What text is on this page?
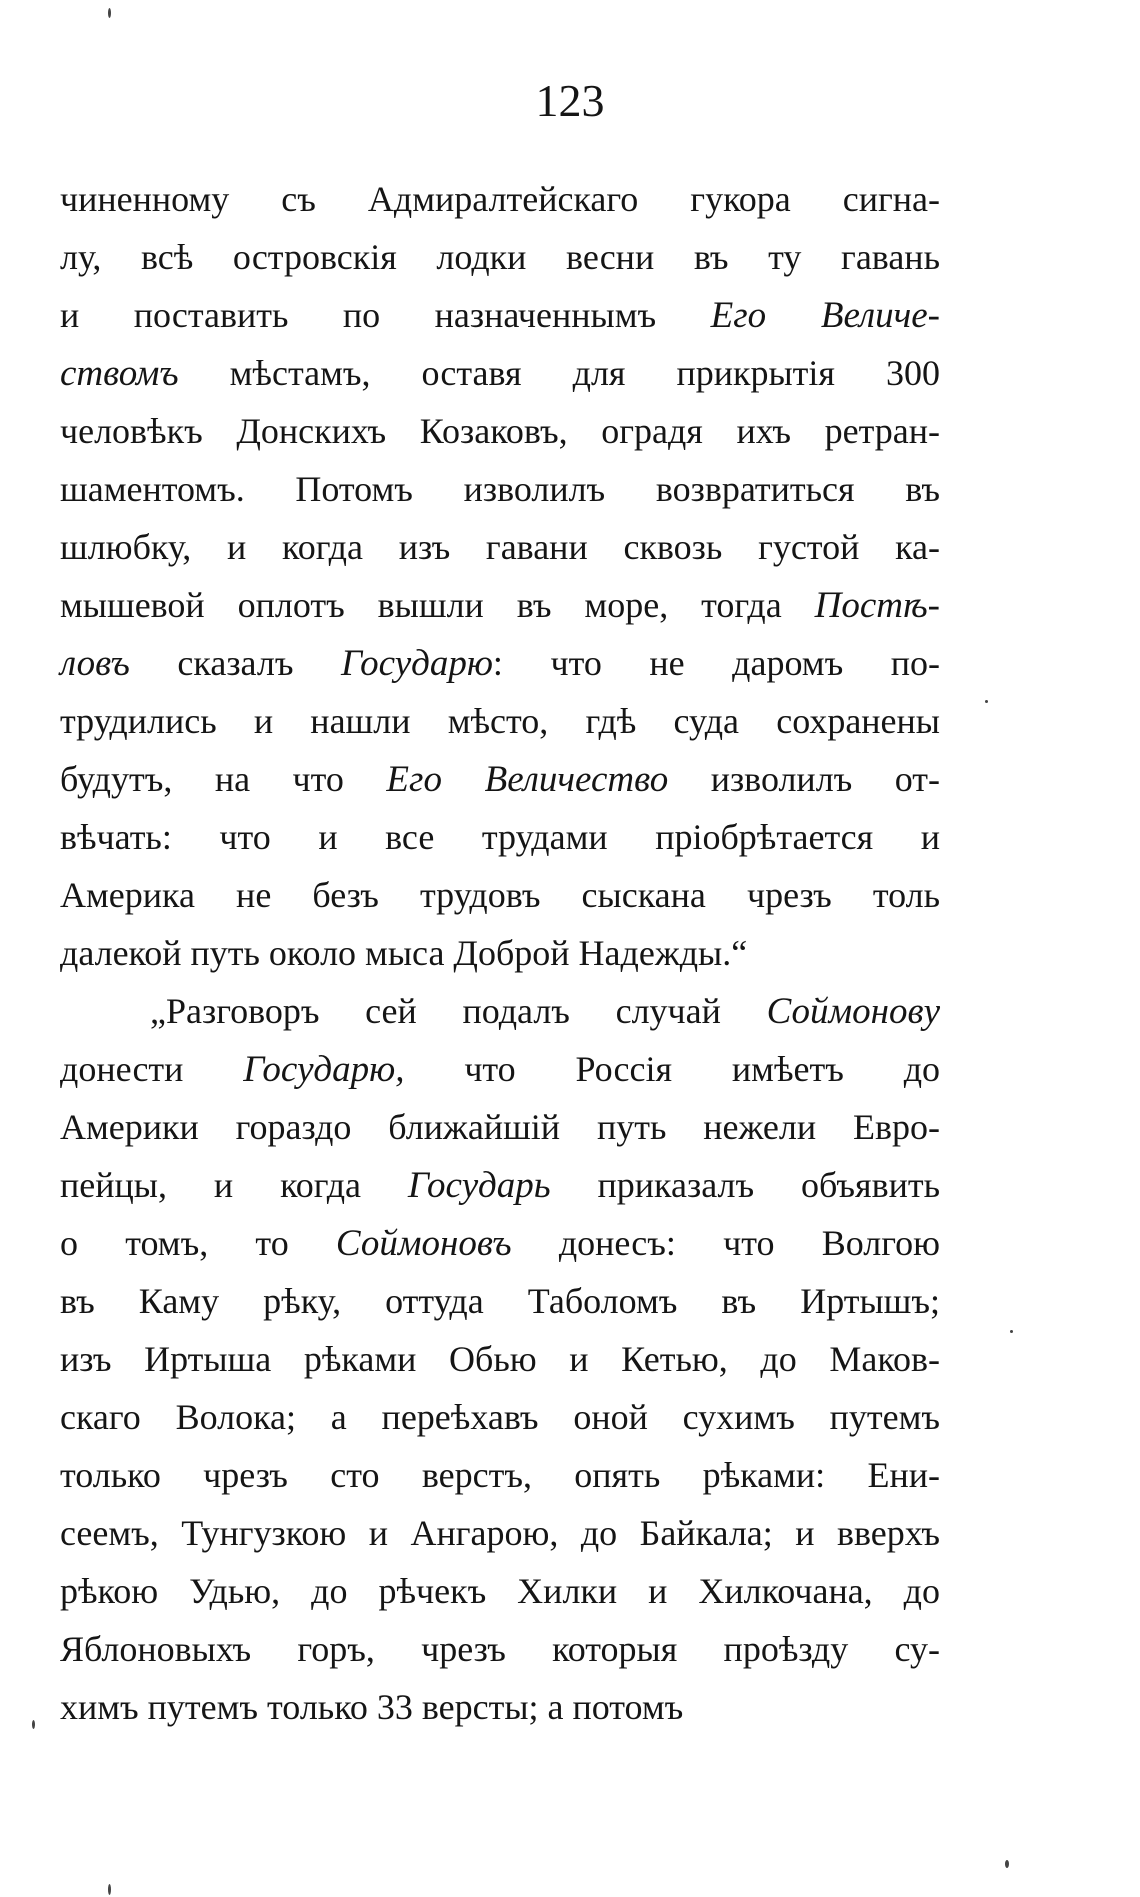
123
чиненному съ Адмиралтейскаго гукора сигна-
лу, всѣ островскія лодки весни въ ту гавань
и поставить по назначеннымъ Его Величе-
ствомъ мѣстамъ, оставя для прикрытія 300
человѣкъ Донскихъ Козаковъ, оградя ихъ ретран-
шаментомъ. Потомъ изволилъ возвратиться въ
шлюбку, и когда изъ гавани сквозь густой ка-
мышевой оплотъ вышли въ море, тогда Постѣ-
ловъ сказалъ Государю: что не даромъ по-
трудились и нашли мѣсто, гдѣ суда сохранены
будутъ, на что Его Величество изволилъ от-
вѣчать: что и все трудами пріобрѣтается и
Америка не безъ трудовъ сыскана чрезъ толь
далекой путь около мыса Доброй Надежды.“
„Разговоръ сей подалъ случай Соймонову
донести Государю, что Россія имѣетъ до
Америки гораздо ближайшій путь нежели Евро-
пейцы, и когда Государь приказалъ объявить
о томъ, то Соймоновъ донесъ: что Волгою
въ Каму рѣку, оттуда Таболомъ въ Иртышъ;
изъ Иртыша рѣками Обью и Кетью, до Маков-
скаго Волока; а переѣхавъ оной сухимъ путемъ
только чрезъ сто верстъ, опять рѣками: Ени-
сеемъ, Тунгузкою и Ангарою, до Байкала; и вверхъ
рѣкою Удью, до рѣчекъ Хилки и Хилкочана, до
Яблоновыхъ горъ, чрезъ которыя проѣзду су-
химъ путемъ только 33 версты; а потомъ
